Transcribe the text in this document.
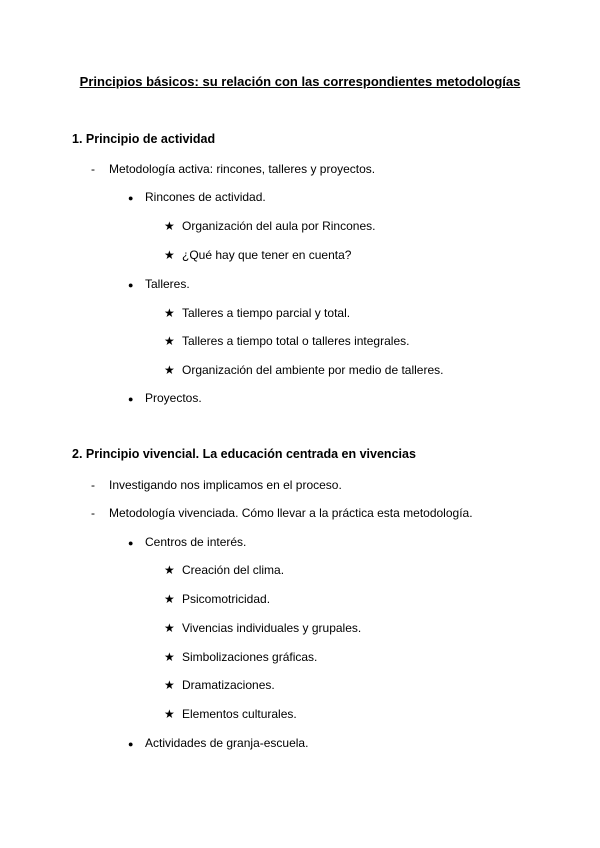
Principios básicos: su relación con las correspondientes metodologías
1. Principio de actividad
- Metodología activa: rincones, talleres y proyectos.
● Rincones de actividad.
★ Organización del aula por Rincones.
★ ¿Qué hay que tener en cuenta?
● Talleres.
★ Talleres a tiempo parcial y total.
★ Talleres a tiempo total o talleres integrales.
★ Organización del ambiente por medio de talleres.
● Proyectos.
2. Principio vivencial. La educación centrada en vivencias
- Investigando nos implicamos en el proceso.
- Metodología vivenciada. Cómo llevar a la práctica esta metodología.
● Centros de interés.
★ Creación del clima.
★ Psicomotricidad.
★ Vivencias individuales y grupales.
★ Simbolizaciones gráficas.
★ Dramatizaciones.
★ Elementos culturales.
● Actividades de granja-escuela.
